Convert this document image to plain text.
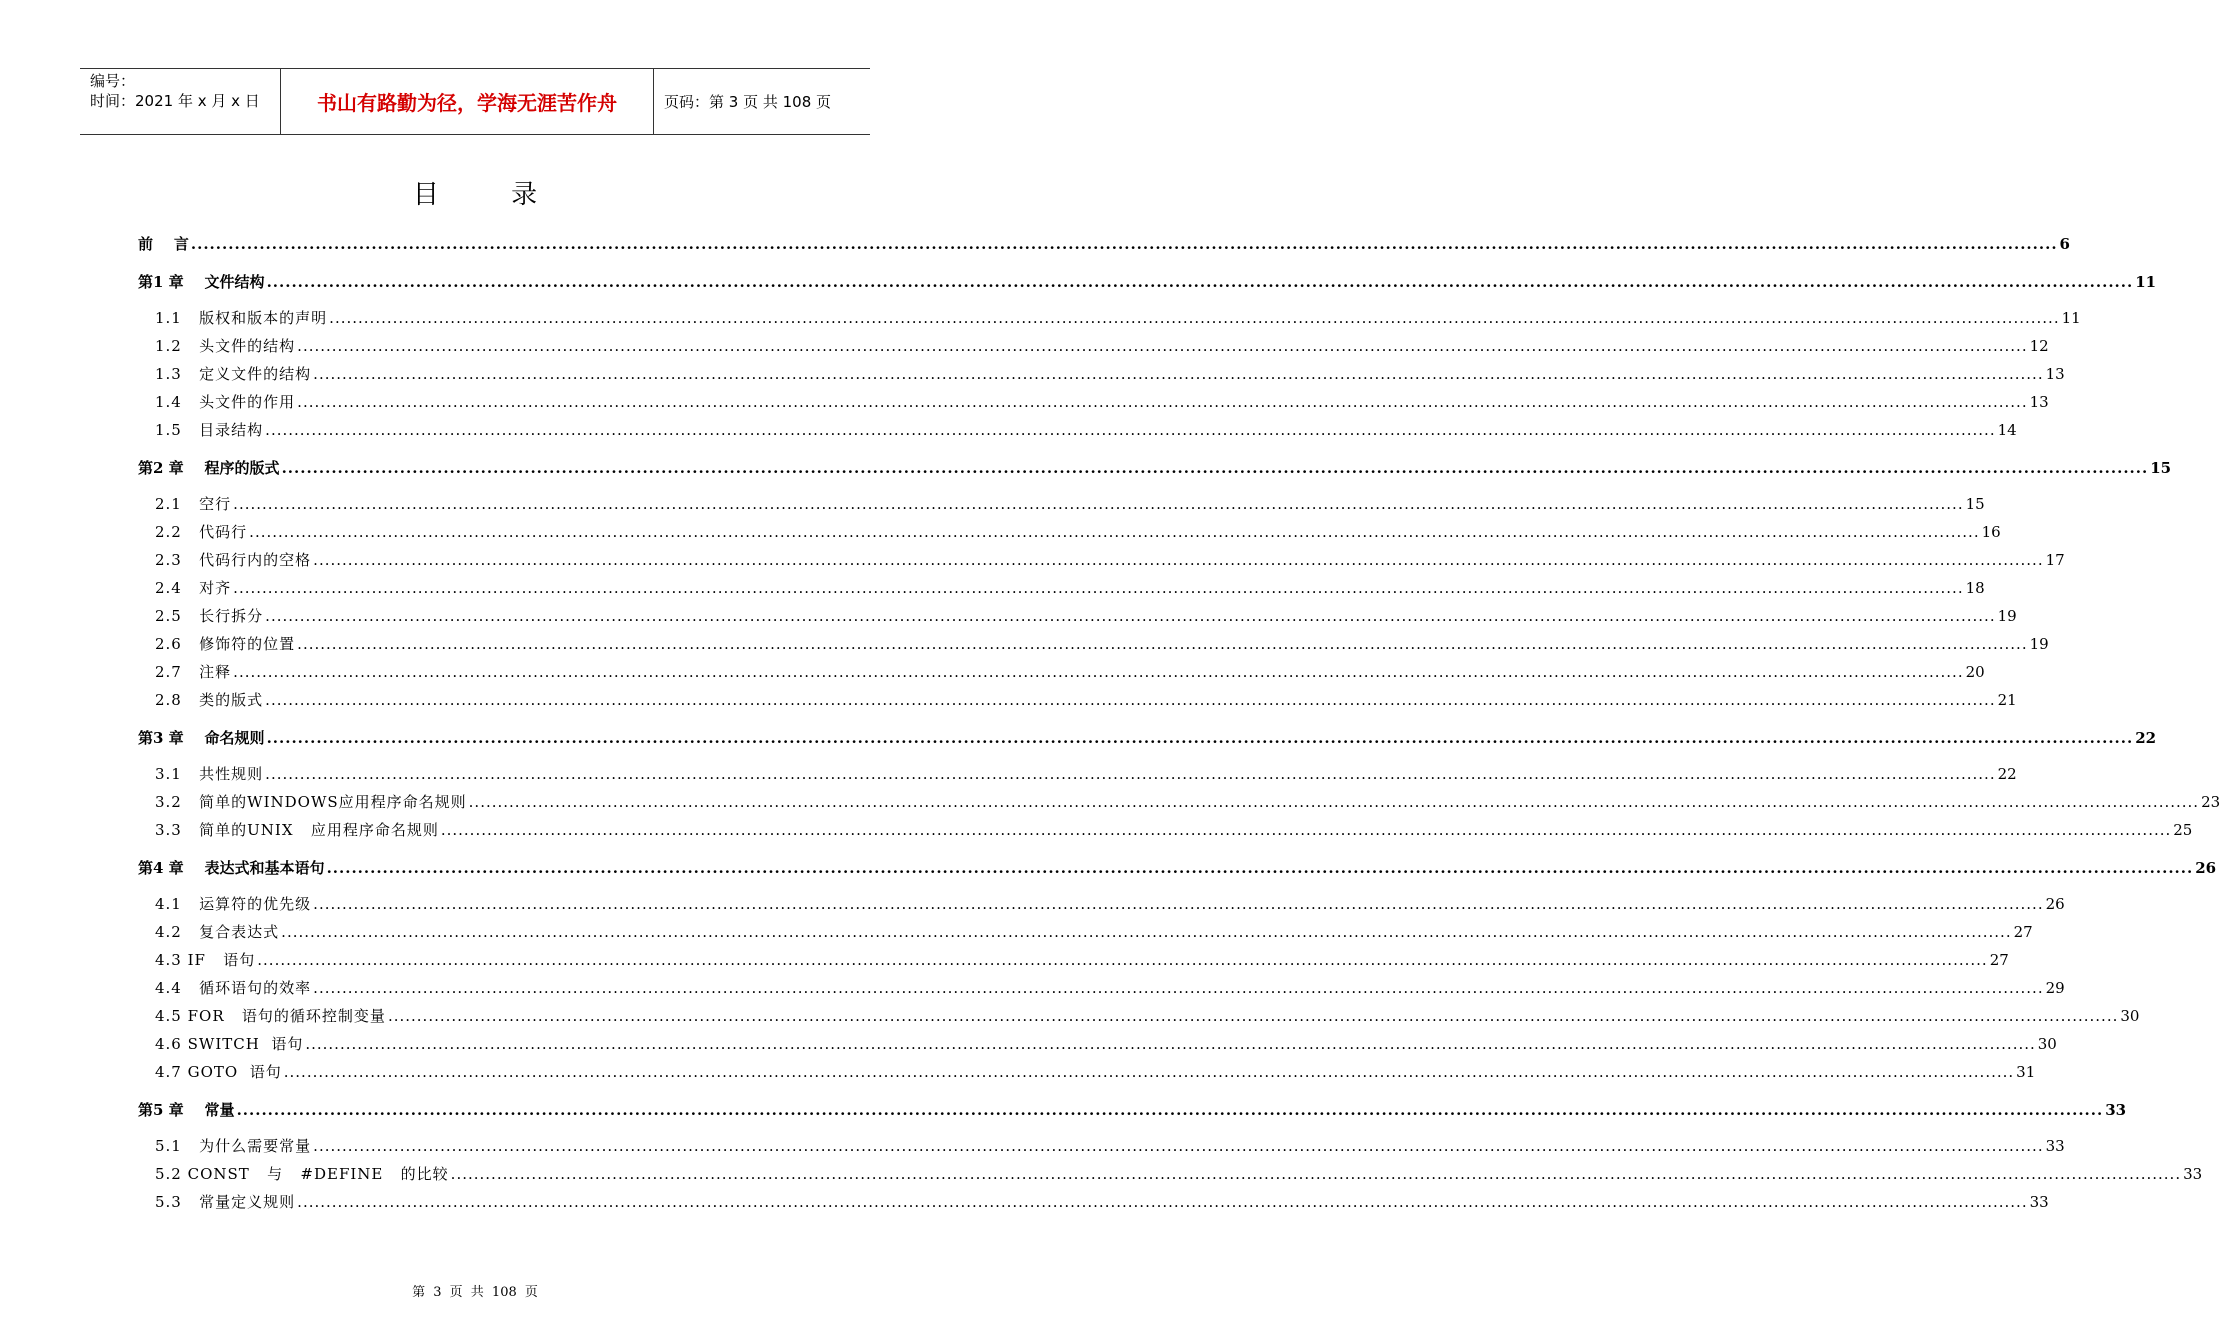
编号：
时间：2021 年 x 月 x 日	书山有路勤为径，学海无涯苦作舟	页码：第 3 页 共 108 页
目 录
前    言 ............................................................................................................................................................................................................................................................................................................ 6
第1 章    文件结构 ............................................................................................................................................................................................................................................................................................................ 11
1.1   版权和版本的声明 ............................................................................................................................................................................................................................................................................................................ 11
1.2   头文件的结构 ............................................................................................................................................................................................................................................................................................................ 12
1.3   定义文件的结构 ............................................................................................................................................................................................................................................................................................................ 13
1.4   头文件的作用 ............................................................................................................................................................................................................................................................................................................ 13
1.5   目录结构 ............................................................................................................................................................................................................................................................................................................ 14
第2 章    程序的版式 ............................................................................................................................................................................................................................................................................................................ 15
2.1   空行 ............................................................................................................................................................................................................................................................................................................ 15
2.2   代码行 ............................................................................................................................................................................................................................................................................................................ 16
2.3   代码行内的空格 ............................................................................................................................................................................................................................................................................................................ 17
2.4   对齐 ............................................................................................................................................................................................................................................................................................................ 18
2.5   长行拆分 ............................................................................................................................................................................................................................................................................................................ 19
2.6   修饰符的位置 ............................................................................................................................................................................................................................................................................................................ 19
2.7   注释 ............................................................................................................................................................................................................................................................................................................ 20
2.8   类的版式 ............................................................................................................................................................................................................................................................................................................ 21
第3 章    命名规则 ............................................................................................................................................................................................................................................................................................................ 22
3.1   共性规则 ............................................................................................................................................................................................................................................................................................................ 22
3.2   简单的WINDOWS应用程序命名规则 ............................................................................................................................................................................................................................................................................................................ 23
3.3   简单的UNIX   应用程序命名规则 ............................................................................................................................................................................................................................................................................................................ 25
第4 章    表达式和基本语句 ............................................................................................................................................................................................................................................................................................................ 26
4.1   运算符的优先级 ............................................................................................................................................................................................................................................................................................................ 26
4.2   复合表达式 ............................................................................................................................................................................................................................................................................................................ 27
4.3 IF   语句 ............................................................................................................................................................................................................................................................................................................ 27
4.4   循环语句的效率 ............................................................................................................................................................................................................................................................................................................ 29
4.5 FOR   语句的循环控制变量 ............................................................................................................................................................................................................................................................................................................ 30
4.6 SWITCH  语句 ............................................................................................................................................................................................................................................................................................................ 30
4.7 GOTO  语句 ............................................................................................................................................................................................................................................................................................................ 31
第5 章    常量 ............................................................................................................................................................................................................................................................................................................ 33
5.1   为什么需要常量 ............................................................................................................................................................................................................................................................................................................ 33
5.2 CONST   与   #DEFINE   的比较 ............................................................................................................................................................................................................................................................................................................ 33
5.3   常量定义规则 ............................................................................................................................................................................................................................................................................................................ 33
第 3 页 共 108 页
